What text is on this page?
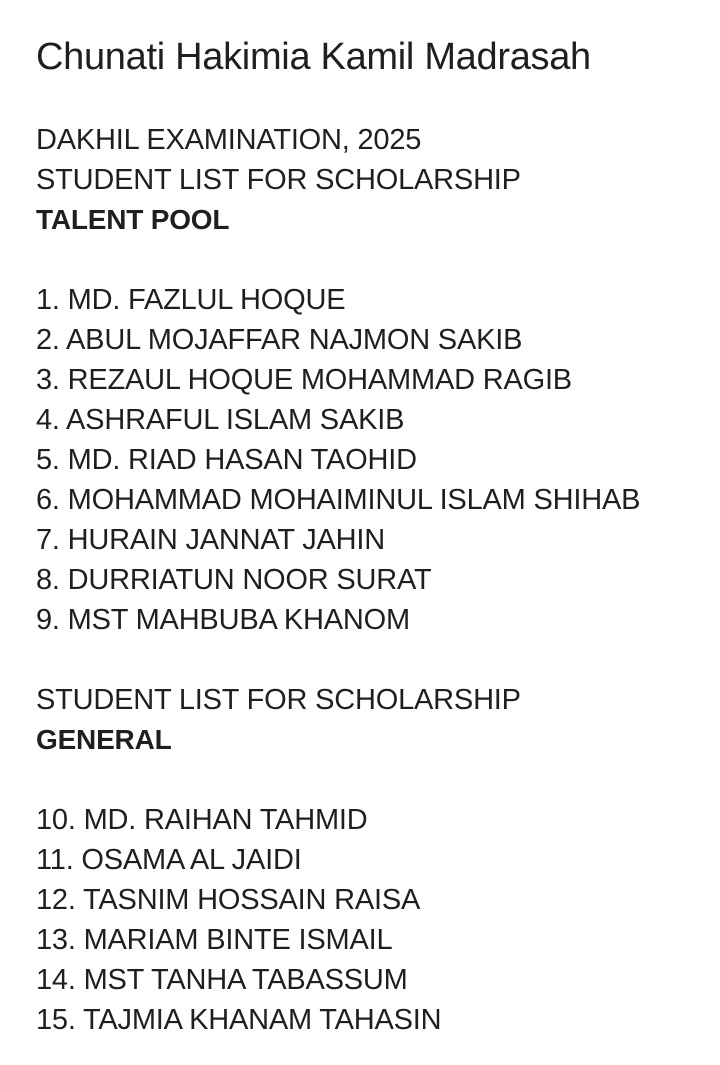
Chunati Hakimia Kamil Madrasah
DAKHIL EXAMINATION, 2025
STUDENT LIST FOR SCHOLARSHIP
TALENT POOL
1. MD. FAZLUL HOQUE
2. ABUL MOJAFFAR NAJMON SAKIB
3. REZAUL HOQUE MOHAMMAD RAGIB
4. ASHRAFUL ISLAM SAKIB
5. MD. RIAD HASAN TAOHID
6. MOHAMMAD MOHAIMINUL ISLAM SHIHAB
7. HURAIN JANNAT JAHIN
8. DURRIATUN NOOR SURAT
9. MST MAHBUBA KHANOM
STUDENT LIST FOR SCHOLARSHIP
GENERAL
10. MD. RAIHAN TAHMID
11. OSAMA AL JAIDI
12. TASNIM HOSSAIN RAISA
13. MARIAM BINTE ISMAIL
14. MST TANHA TABASSUM
15. TAJMIA KHANAM TAHASIN
